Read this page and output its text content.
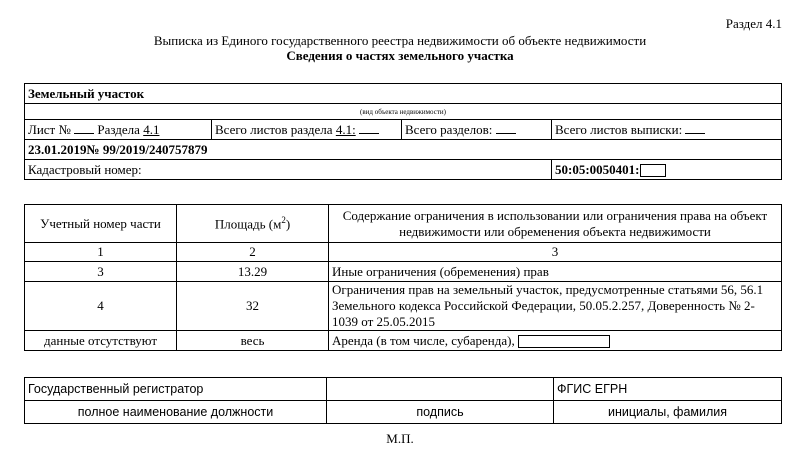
Раздел 4.1
Выписка из Единого государственного реестра недвижимости об объекте недвижимости
Сведения о частях земельного участка
Земельный участок			
(вид объекта недвижимости)			
Лист № Раздела 4.1	Всего листов раздела 4.1:	Всего разделов:	Всего листов выписки:
23.01.2019№ 99/2019/240757879			
Кадастровый номер:			50:05:0050401:
Учетный номер части	Площадь $(м^2)$	Содержание ограничения в использовании или ограничения права на объект недвижимости или обременения объекта недвижимости
1	2	3
3	13.29	Иные ограничения (обременения) прав
4	32	Ограничения прав на земельный участок, предусмотренные статьями 56, 56.1 Земельного кодекса Российской Федерации, 50.05.2.257, Доверенность № 2-1039 от 25.05.2015
данные отсутствуют	весь	Аренда (в том числе, субаренда),
Государственный регистратор		ФГИС ЕГРН
полное наименование должности	подпись	инициалы, фамилия
М.П.
